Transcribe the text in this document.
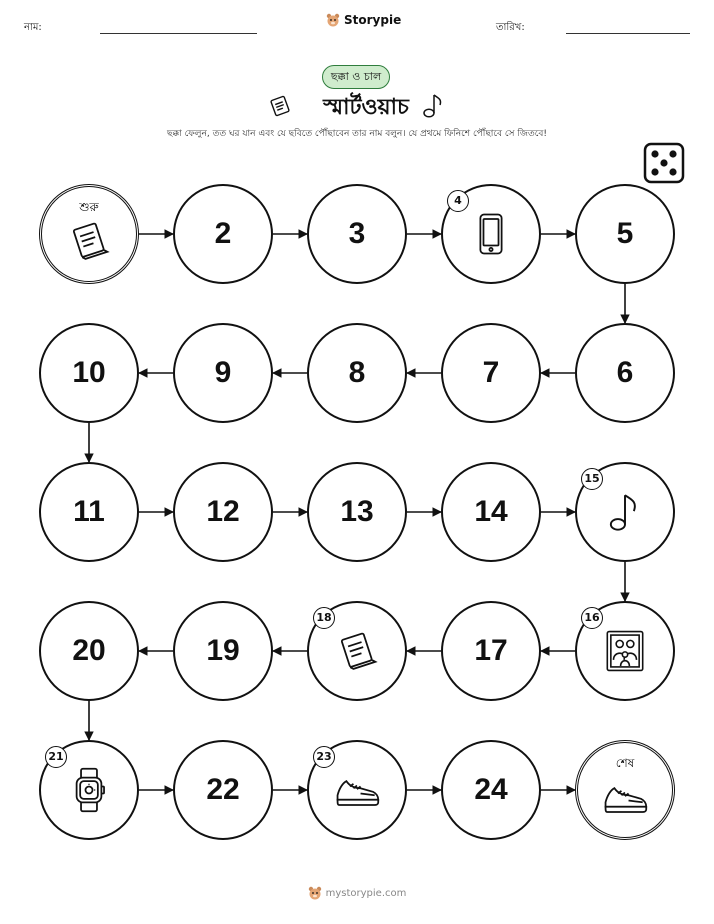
নাম:
Storypie
তারিখ:
ছক্কা ও চাল
স্মার্টওয়াচ
ছক্কা ফেলুন, তত ঘর যান এবং যে ছবিতে পৌঁছাবেন তার নাম বলুন। যে প্রথমে ফিনিশে পৌঁছাবে সে জিতবে!
শুরু
2	3
4
5
6
7
8
9
10
11	12	13	14
15
16
17
18
19
20
21
22
23
24
শেষ
mystorypie.com
